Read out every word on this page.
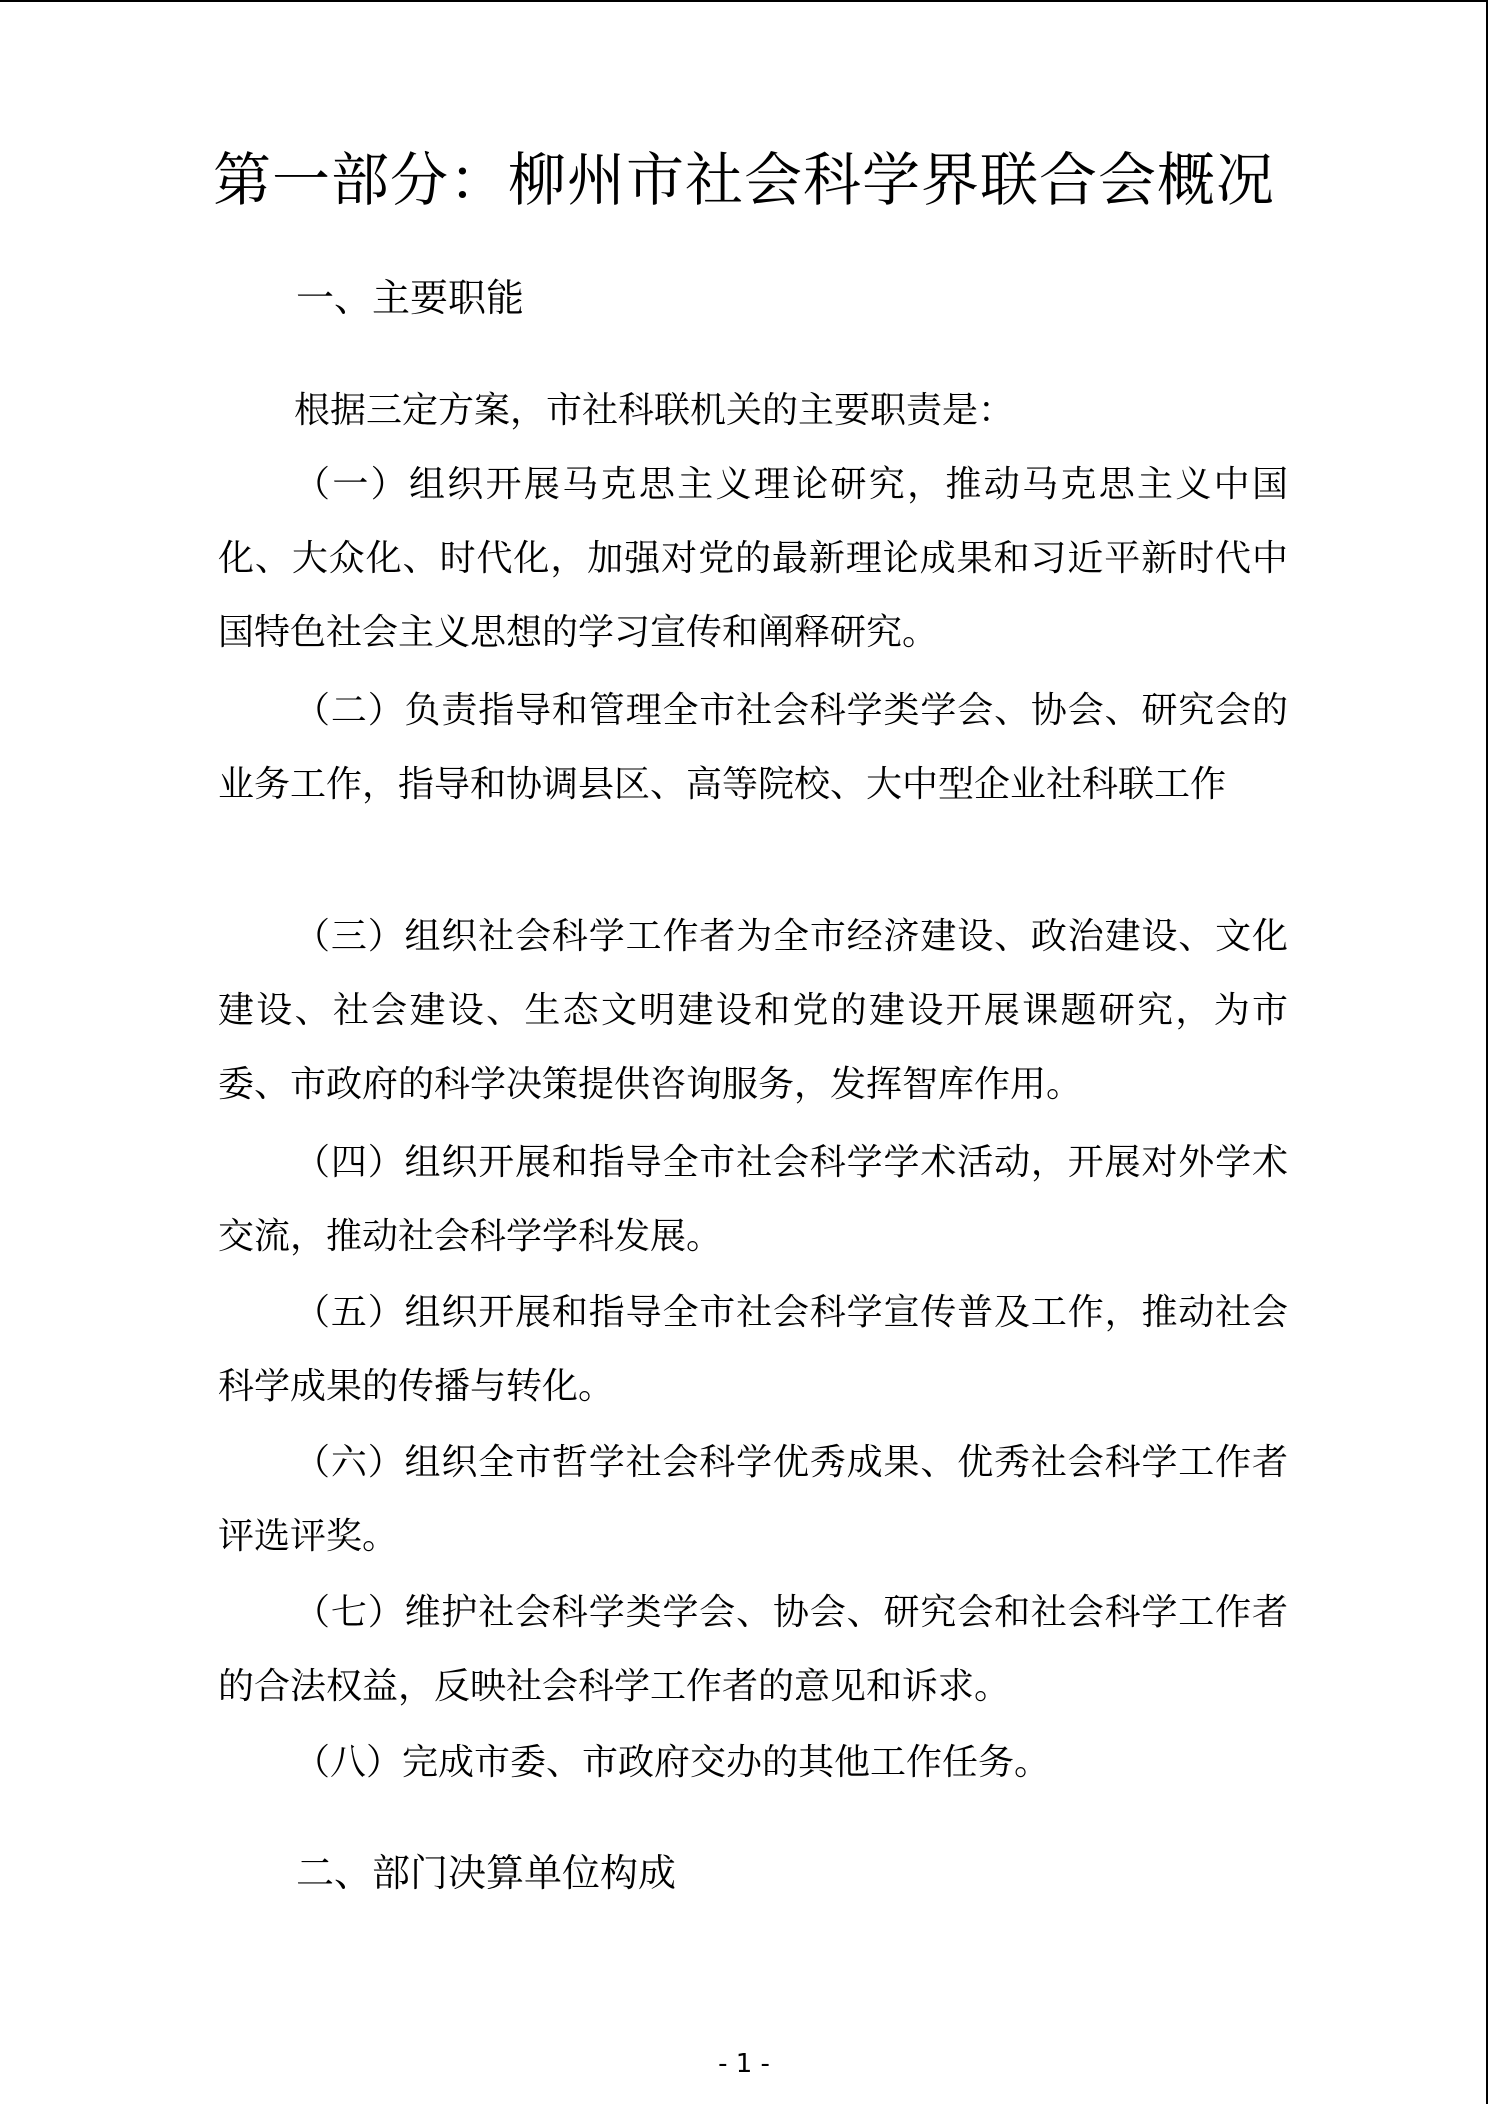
第一部分：柳州市社会科学界联合会概况
一、主要职能
根据三定方案，市社科联机关的主要职责是：
（一）组织开展马克思主义理论研究，推动马克思主义中国化、大众化、时代化，加强对党的最新理论成果和习近平新时代中国特色社会主义思想的学习宣传和阐释研究。
（二）负责指导和管理全市社会科学类学会、协会、研究会的业务工作，指导和协调县区、高等院校、大中型企业社科联工作
（三）组织社会科学工作者为全市经济建设、政治建设、文化建设、社会建设、生态文明建设和党的建设开展课题研究，为市委、市政府的科学决策提供咨询服务，发挥智库作用。
（四）组织开展和指导全市社会科学学术活动，开展对外学术交流，推动社会科学学科发展。
（五）组织开展和指导全市社会科学宣传普及工作，推动社会科学成果的传播与转化。
（六）组织全市哲学社会科学优秀成果、优秀社会科学工作者评选评奖。
（七）维护社会科学类学会、协会、研究会和社会科学工作者的合法权益，反映社会科学工作者的意见和诉求。
（八）完成市委、市政府交办的其他工作任务。
二、部门决算单位构成
- 1 -
